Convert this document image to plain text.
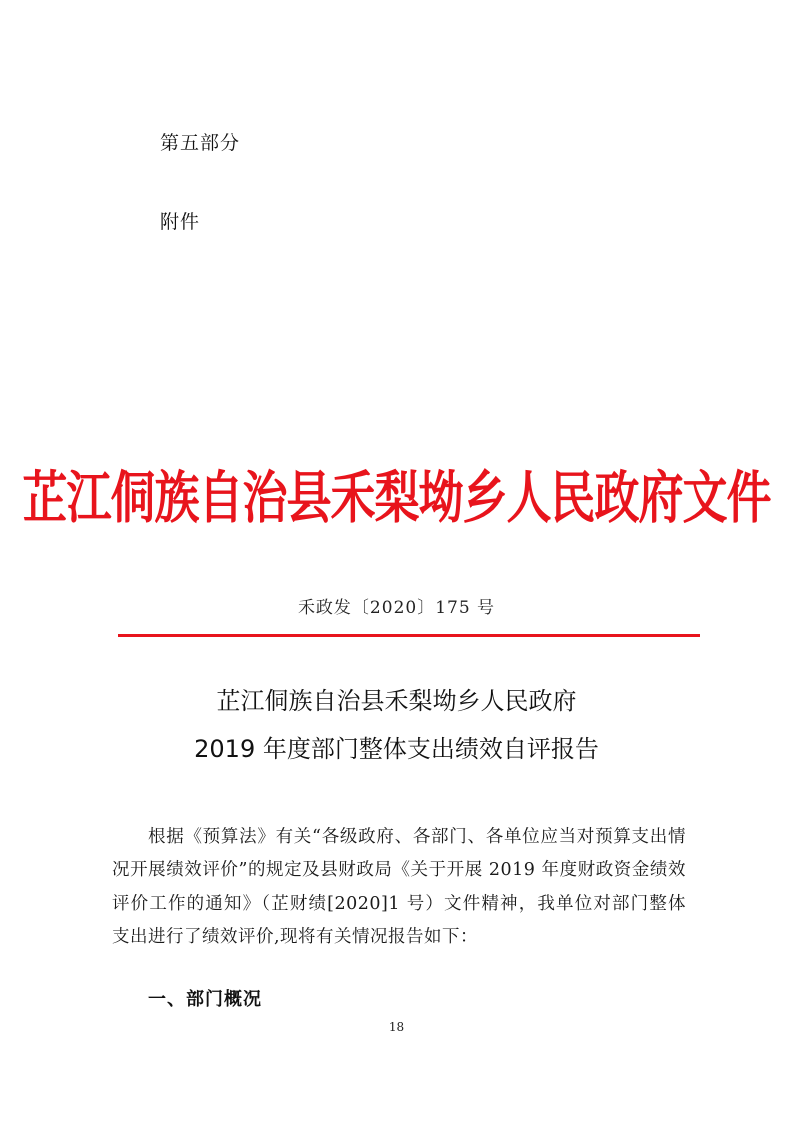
第五部分
附件
芷江侗族自治县禾梨坳乡人民政府文件
禾政发〔2020〕175 号
芷江侗族自治县禾梨坳乡人民政府
2019 年度部门整体支出绩效自评报告

根据《预算法》有关“各级政府、各部门、各单位应当对预算支出情况开展绩效评价”的规定及县财政局《关于开展 2019 年度财政资金绩效评价工作的通知》（芷财绩[2020]1 号）文件精神，我单位对部门整体支出进行了绩效评价,现将有关情况报告如下：

一、部门概况
18
